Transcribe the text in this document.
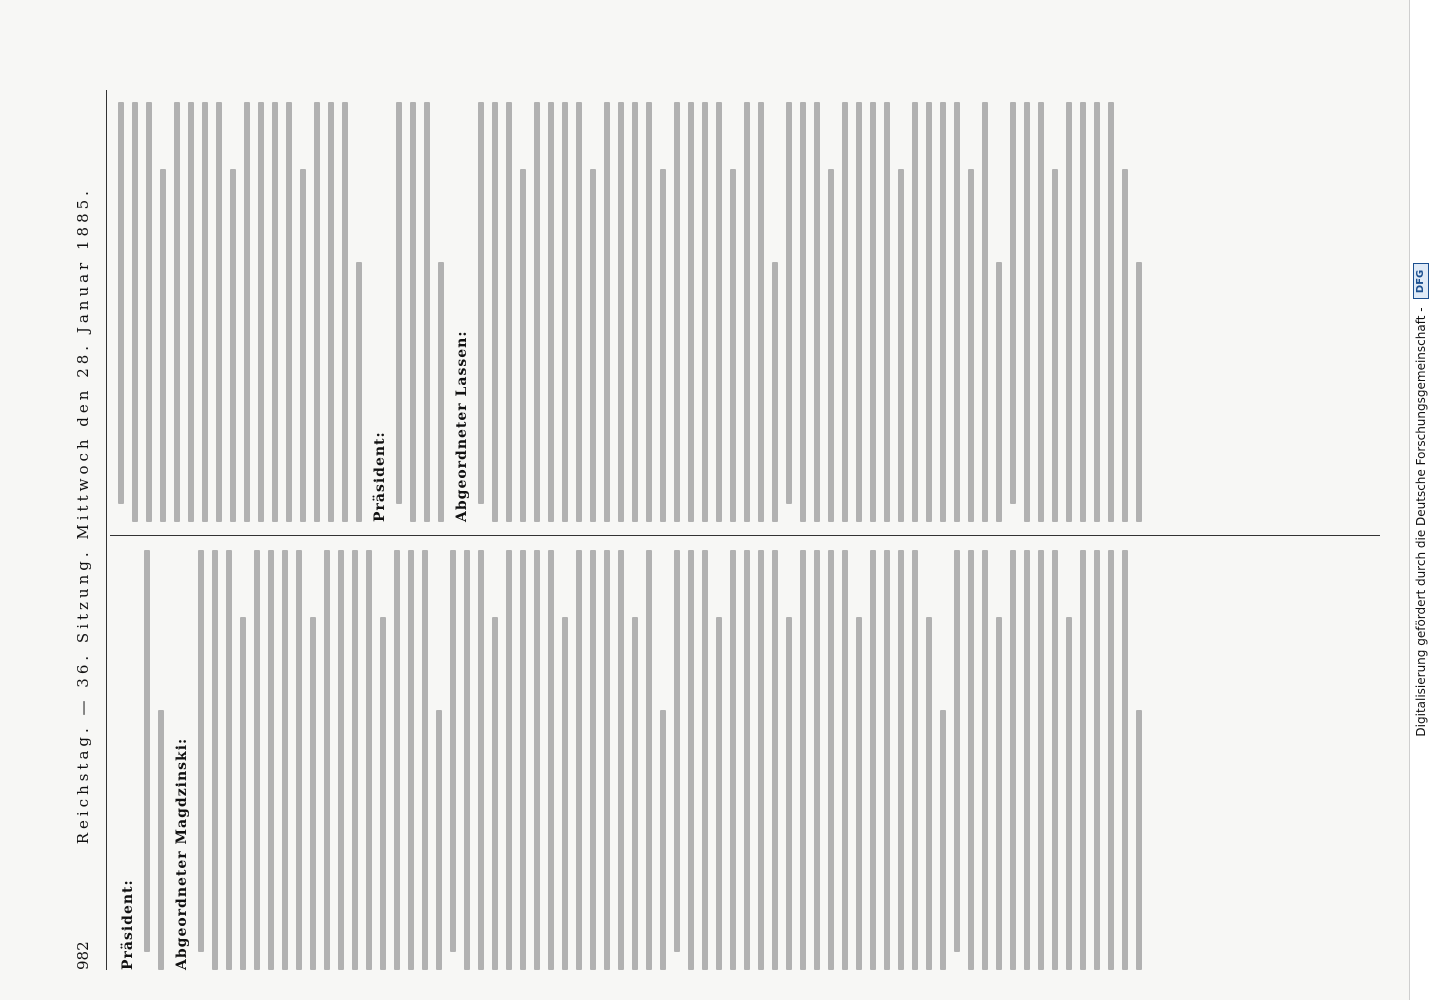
982
Reichstag. — 36. Sitzung. Mittwoch den 28. Januar 1885.
Präsident:	Abgeordneter Magdzinski:
Präsident:	Abgeordneter Lassen:	Digitalisierung gefördert durch die Deutsche Forschungsgemeinschaft -
DFG
